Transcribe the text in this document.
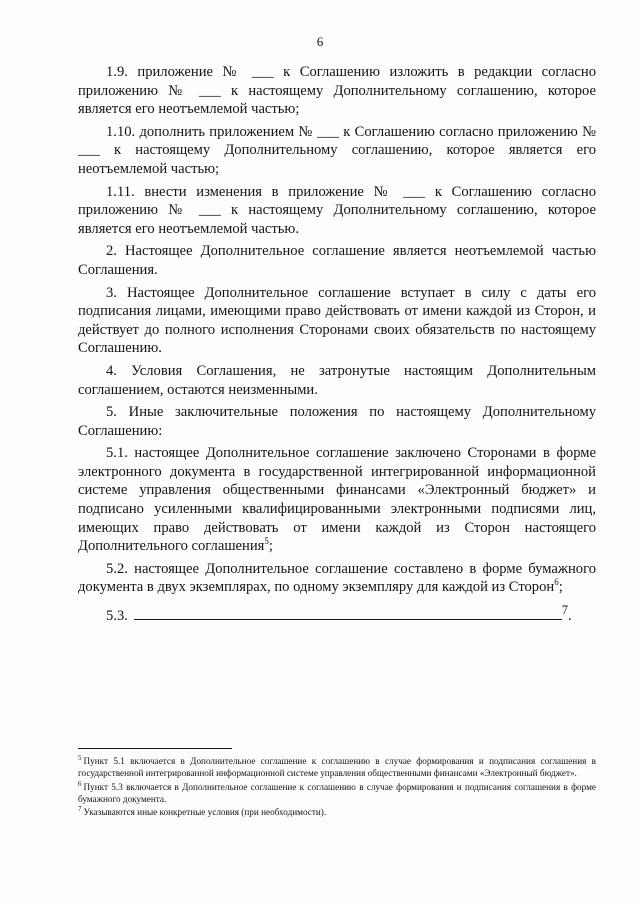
6

1.9. приложение № ___ к Соглашению изложить в редакции согласно приложению № ___ к настоящему Дополнительному соглашению, которое является его неотъемлемой частью;

1.10. дополнить приложением № ___ к Соглашению согласно приложению № ___ к настоящему Дополнительному соглашению, которое является его неотъемлемой частью;

1.11. внести изменения в приложение № ___ к Соглашению согласно приложению № ___ к настоящему Дополнительному соглашению, которое является его неотъемлемой частью.

2. Настоящее Дополнительное соглашение является неотъемлемой частью Соглашения.

3. Настоящее Дополнительное соглашение вступает в силу с даты его подписания лицами, имеющими право действовать от имени каждой из Сторон, и действует до полного исполнения Сторонами своих обязательств по настоящему Соглашению.

4. Условия Соглашения, не затронутые настоящим Дополнительным соглашением, остаются неизменными.

5. Иные заключительные положения по настоящему Дополнительному Соглашению:

5.1. настоящее Дополнительное соглашение заключено Сторонами в форме электронного документа в государственной интегрированной информационной системе управления общественными финансами «Электронный бюджет» и подписано усиленными квалифицированными электронными подписями лиц, имеющих право действовать от имени каждой из Сторон настоящего Дополнительного соглашения$^5$;

5.2. настоящее Дополнительное соглашение составлено в форме бумажного документа в двух экземплярах, по одному экземпляру для каждой из Сторон$^6$;

5.3.	$^7$.

$^5$ Пункт 5.1 включается в Дополнительное соглашение к соглашению в случае формирования и подписания соглашения в государственной интегрированной информационной системе управления общественными финансами «Электронный бюджет».

$^6$ Пункт 5.3 включается в Дополнительное соглашение к соглашению в случае формирования и подписания соглашения в форме бумажного документа.

$^7$ Указываются иные конкретные условия (при необходимости).
